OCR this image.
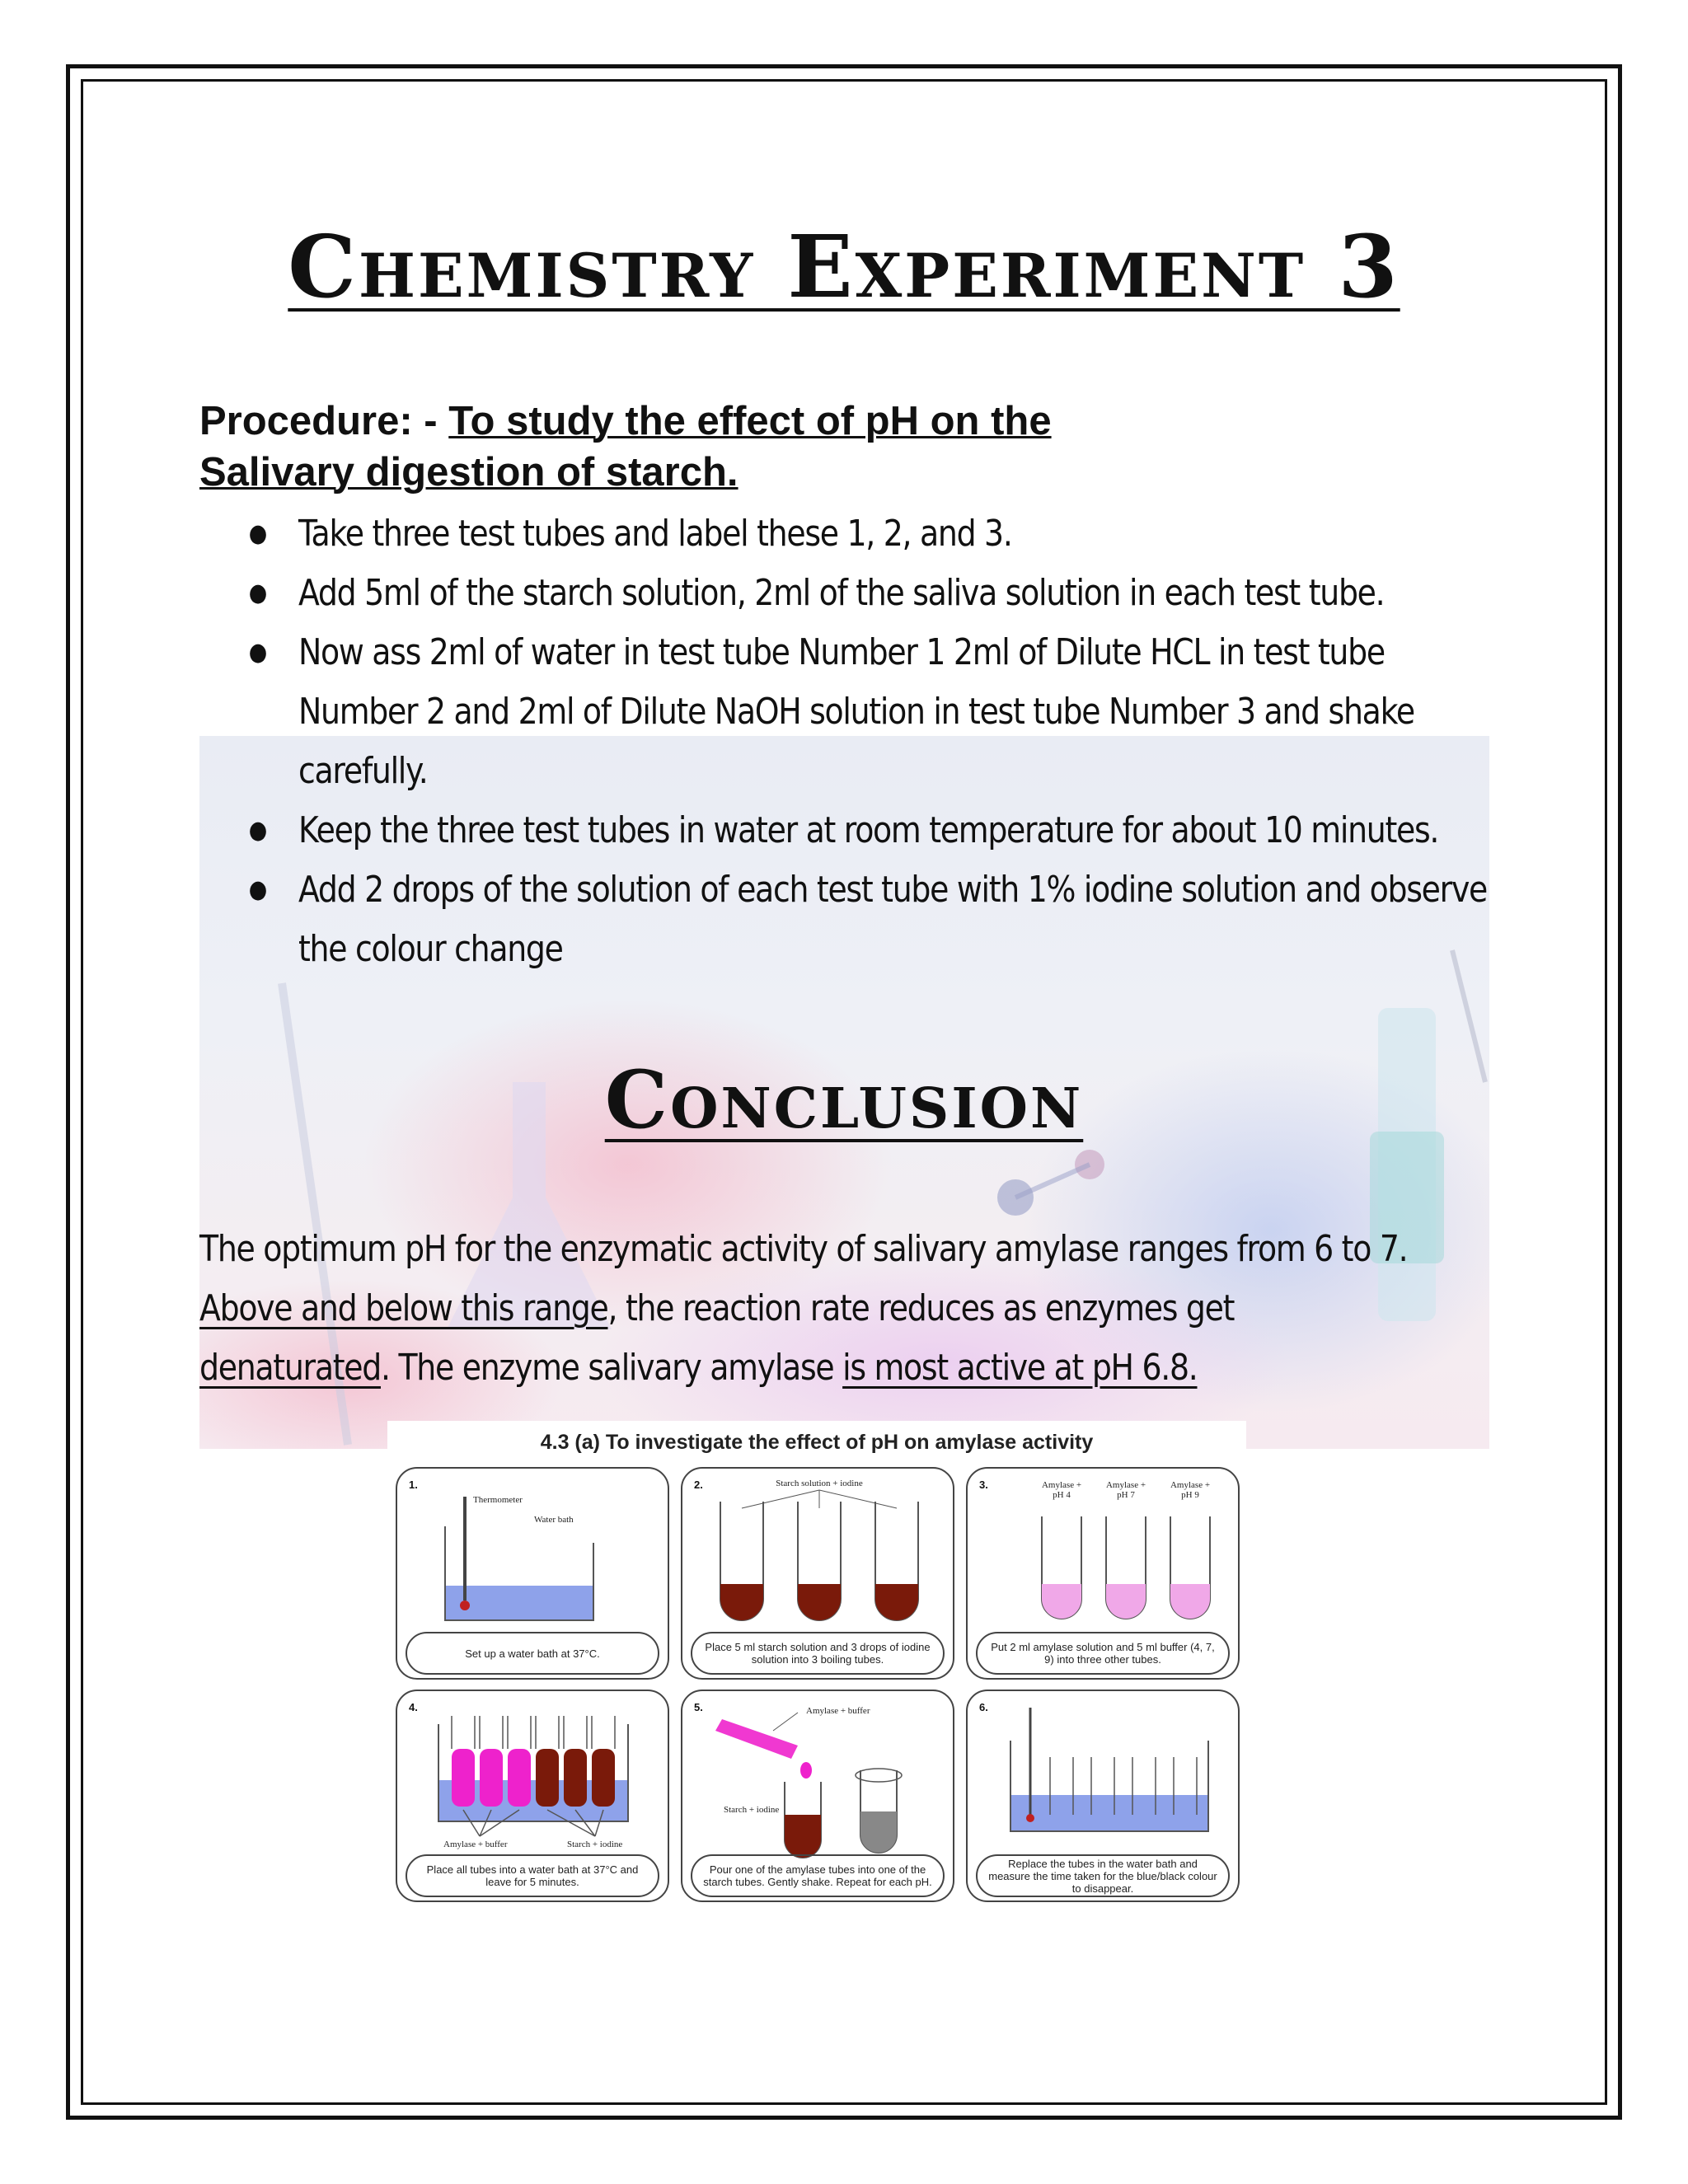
Chemistry Experiment 3
Procedure: - To study the effect of pH on the
Salivary digestion of starch.
● Take three test tubes and label these 1, 2, and 3.
● Add 5ml of the starch solution, 2ml of the saliva solution in each test tube.
● Now ass 2ml of water in test tube Number 1 2ml of Dilute HCL in test tube Number 2 and 2ml of Dilute NaOH solution in test tube Number 3 and shake carefully.
● Keep the three test tubes in water at room temperature for about 10 minutes.
● Add 2 drops of the solution of each test tube with 1% iodine solution and observe the colour change
Conclusion
The optimum pH for the enzymatic activity of salivary amylase ranges from 6 to 7.
Above and below this range, the reaction rate reduces as enzymes get
denaturated. The enzyme salivary amylase is most active at pH 6.8.
4.3 (a) To investigate the effect of pH on amylase activity
1.
Thermometer
Water bath
Set up a water bath at 37°C.
2.	Starch solution + iodine
Place 5 ml starch solution and 3 drops of iodine solution into 3 boiling tubes.
3.	Amylase + pH 4
Amylase + pH 7
Amylase + pH 9
Put 2 ml amylase solution and 5 ml buffer (4, 7, 9) into three other tubes.
4.
Amylase + buffer	Starch + iodine
Place all tubes into a water bath at 37°C and leave for 5 minutes.
5.	Amylase + buffer
Starch + iodine
Pour one of the amylase tubes into one of the starch tubes. Gently shake. Repeat for each pH.
6.
Replace the tubes in the water bath and measure the time taken for the blue/black colour to disappear.
